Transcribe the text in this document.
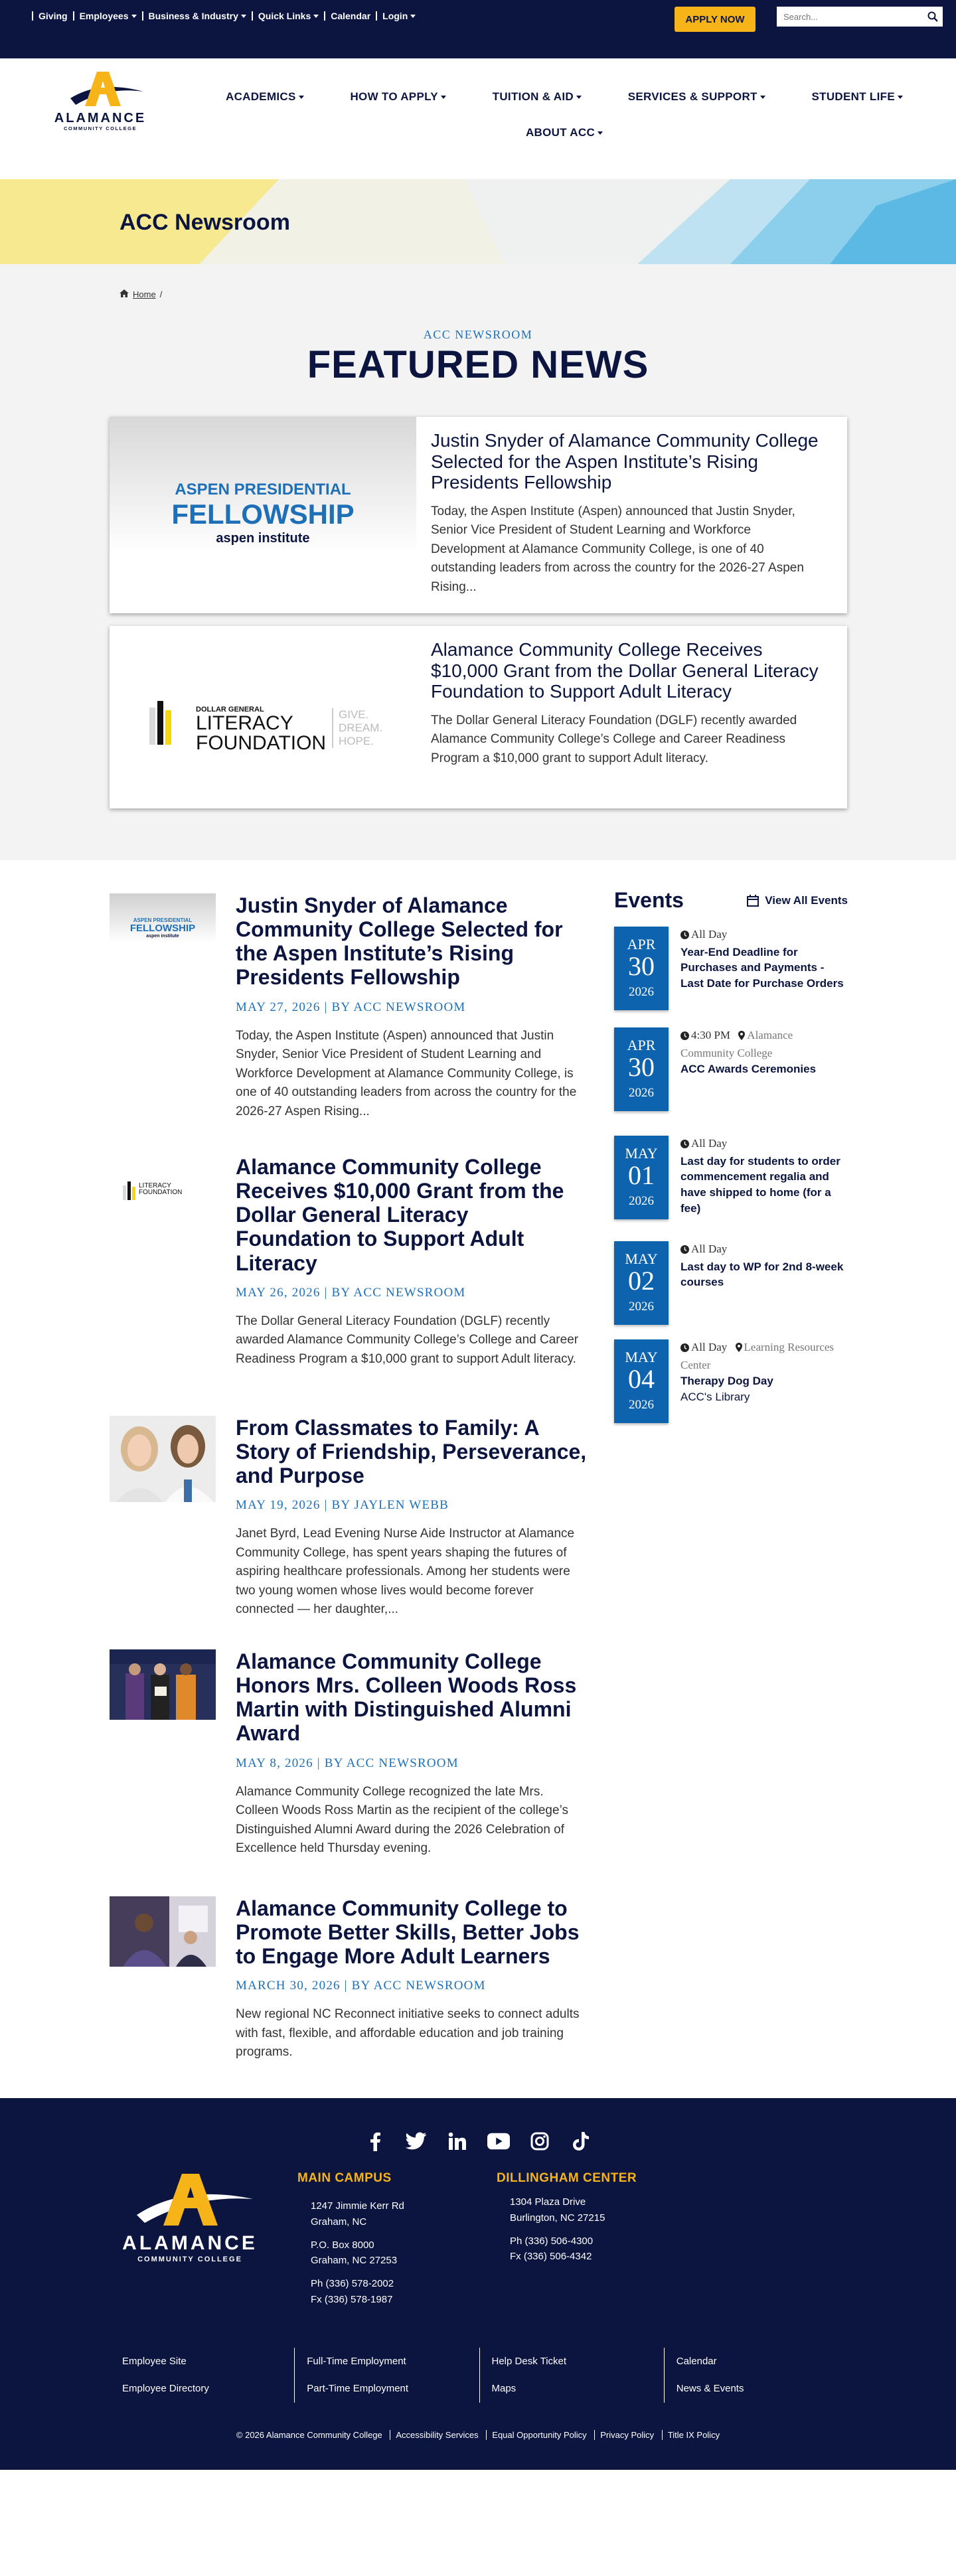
Giving	Employees	Business & Industry	Quick Links	Calendar	Login	APPLY NOW
Search...
ALAMANCE
COMMUNITY COLLEGE
ACADEMICS	HOW TO APPLY	TUITION & AID	SERVICES & SUPPORT	STUDENT LIFE
ABOUT ACC
ACC Newsroom
Home /
ACC NEWSROOM
FEATURED NEWS
ASPEN PRESIDENTIAL
FELLOWSHIP
aspen institute
Justin Snyder of Alamance Community College Selected for the Aspen Institute’s Rising Presidents Fellowship

Today, the Aspen Institute (Aspen) announced that Justin Snyder, Senior Vice President of Student Learning and Workforce Development at Alamance Community College, is one of 40 outstanding leaders from across the country for the 2026-27 Aspen Rising...

DOLLAR GENERAL
LITERACY
FOUNDATION
GIVE.
DREAM.
HOPE.
Alamance Community College Receives $10,000 Grant from the Dollar General Literacy Foundation to Support Adult Literacy

The Dollar General Literacy Foundation (DGLF) recently awarded Alamance Community College’s College and Career Readiness Program a $10,000 grant to support Adult literacy.

ASPEN PRESIDENTIAL
FELLOWSHIP
aspen institute
Justin Snyder of Alamance Community College Selected for the Aspen Institute’s Rising Presidents Fellowship
MAY 27, 2026 | BY ACC NEWSROOM

Today, the Aspen Institute (Aspen) announced that Justin Snyder, Senior Vice President of Student Learning and Workforce Development at Alamance Community College, is one of 40 outstanding leaders from across the country for the 2026-27 Aspen Rising...

LITERACY
FOUNDATION
Alamance Community College Receives $10,000 Grant from the Dollar General Literacy Foundation to Support Adult Literacy
MAY 26, 2026 | BY ACC NEWSROOM

The Dollar General Literacy Foundation (DGLF) recently awarded Alamance Community College’s College and Career Readiness Program a $10,000 grant to support Adult literacy.

From Classmates to Family: A Story of Friendship, Perseverance, and Purpose
MAY 19, 2026 | BY JAYLEN WEBB

Janet Byrd, Lead Evening Nurse Aide Instructor at Alamance Community College, has spent years shaping the futures of aspiring healthcare professionals. Among her students were two young women whose lives would become forever connected — her daughter,...

Alamance Community College Honors Mrs. Colleen Woods Ross Martin with Distinguished Alumni Award
MAY 8, 2026 | BY ACC NEWSROOM

Alamance Community College recognized the late Mrs. Colleen Woods Ross Martin as the recipient of the college’s Distinguished Alumni Award during the 2026 Celebration of Excellence held Thursday evening.

Alamance Community College to Promote Better Skills, Better Jobs to Engage More Adult Learners
MARCH 30, 2026 | BY ACC NEWSROOM

New regional NC Reconnect initiative seeks to connect adults with fast, flexible, and affordable education and job training programs.

Events	View All Events
APR
30
2026
All Day
Year-End Deadline for Purchases and Payments - Last Date for Purchase Orders
APR
30
2026
4:30 PM Alamance Community College
ACC Awards Ceremonies
MAY
01
2026
All Day
Last day for students to order commencement regalia and have shipped to home (for a fee)
MAY
02
2026
All Day
Last day to WP for 2nd 8-week courses
MAY
04
2026
All Day Learning Resources Center
Therapy Dog Day
ACC's Library
ALAMANCE
COMMUNITY COLLEGE
MAIN CAMPUS
1247 Jimmie Kerr Rd
Graham, NC
P.O. Box 8000
Graham, NC 27253
Ph (336) 578-2002
Fx (336) 578-1987
DILLINGHAM CENTER
1304 Plaza Drive
Burlington, NC 27215
Ph (336) 506-4300
Fx (336) 506-4342
Employee Site
Employee Directory
Full-Time Employment
Part-Time Employment
Help Desk Ticket
Maps
Calendar
News & Events
© 2026 Alamance Community College Accessibility Services Equal Opportunity Policy Privacy Policy Title IX Policy
